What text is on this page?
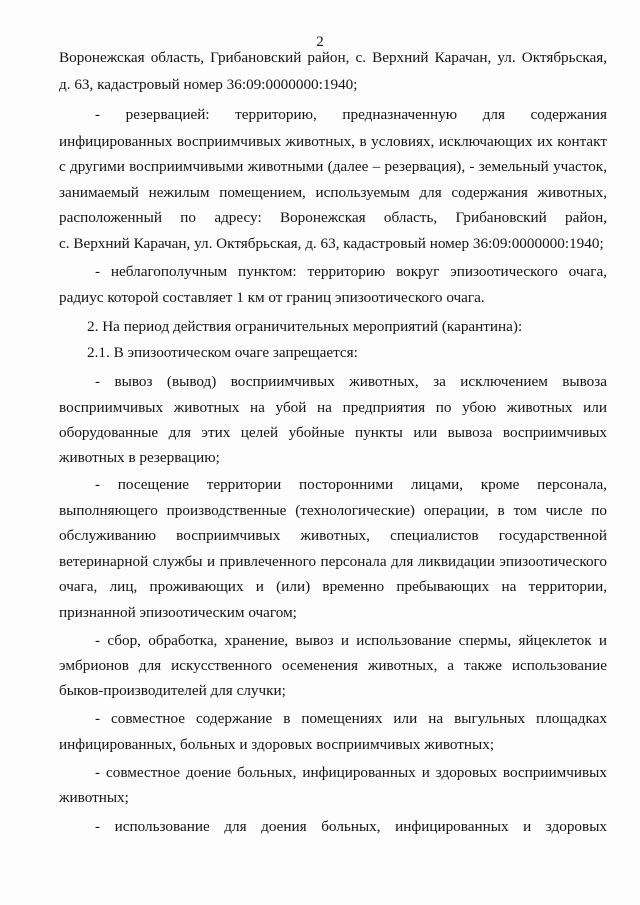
2
Воронежская область, Грибановский район, с. Верхний Карачан, ул. Октябрьская,
д. 63, кадастровый номер 36:09:0000000:1940;
- резервацией: территорию, предназначенную для содержания
инфицированных восприимчивых животных, в условиях, исключающих их контакт
с другими восприимчивыми животными (далее – резервация), - земельный участок,
занимаемый нежилым помещением, используемым для содержания животных,
расположенный по адресу: Воронежская область, Грибановский район,
с. Верхний Карачан, ул. Октябрьская, д. 63, кадастровый номер 36:09:0000000:1940;
- неблагополучным пунктом: территорию вокруг эпизоотического очага,
радиус которой составляет 1 км от границ эпизоотического очага.
2. На период действия ограничительных мероприятий (карантина):
2.1. В эпизоотическом очаге запрещается:
- вывоз (вывод) восприимчивых животных, за исключением вывоза
восприимчивых животных на убой на предприятия по убою животных или
оборудованные для этих целей убойные пункты или вывоза восприимчивых
животных в резервацию;
- посещение территории посторонними лицами, кроме персонала,
выполняющего производственные (технологические) операции, в том числе по
обслуживанию восприимчивых животных, специалистов государственной
ветеринарной службы и привлеченного персонала для ликвидации эпизоотического
очага, лиц, проживающих и (или) временно пребывающих на территории,
признанной эпизоотическим очагом;
- сбор, обработка, хранение, вывоз и использование спермы, яйцеклеток и
эмбрионов для искусственного осеменения животных, а также использование
быков-производителей для случки;
- совместное содержание в помещениях или на выгульных площадках
инфицированных, больных и здоровых восприимчивых животных;
- совместное доение больных, инфицированных и здоровых восприимчивых
животных;
- использование для доения больных, инфицированных и здоровых
